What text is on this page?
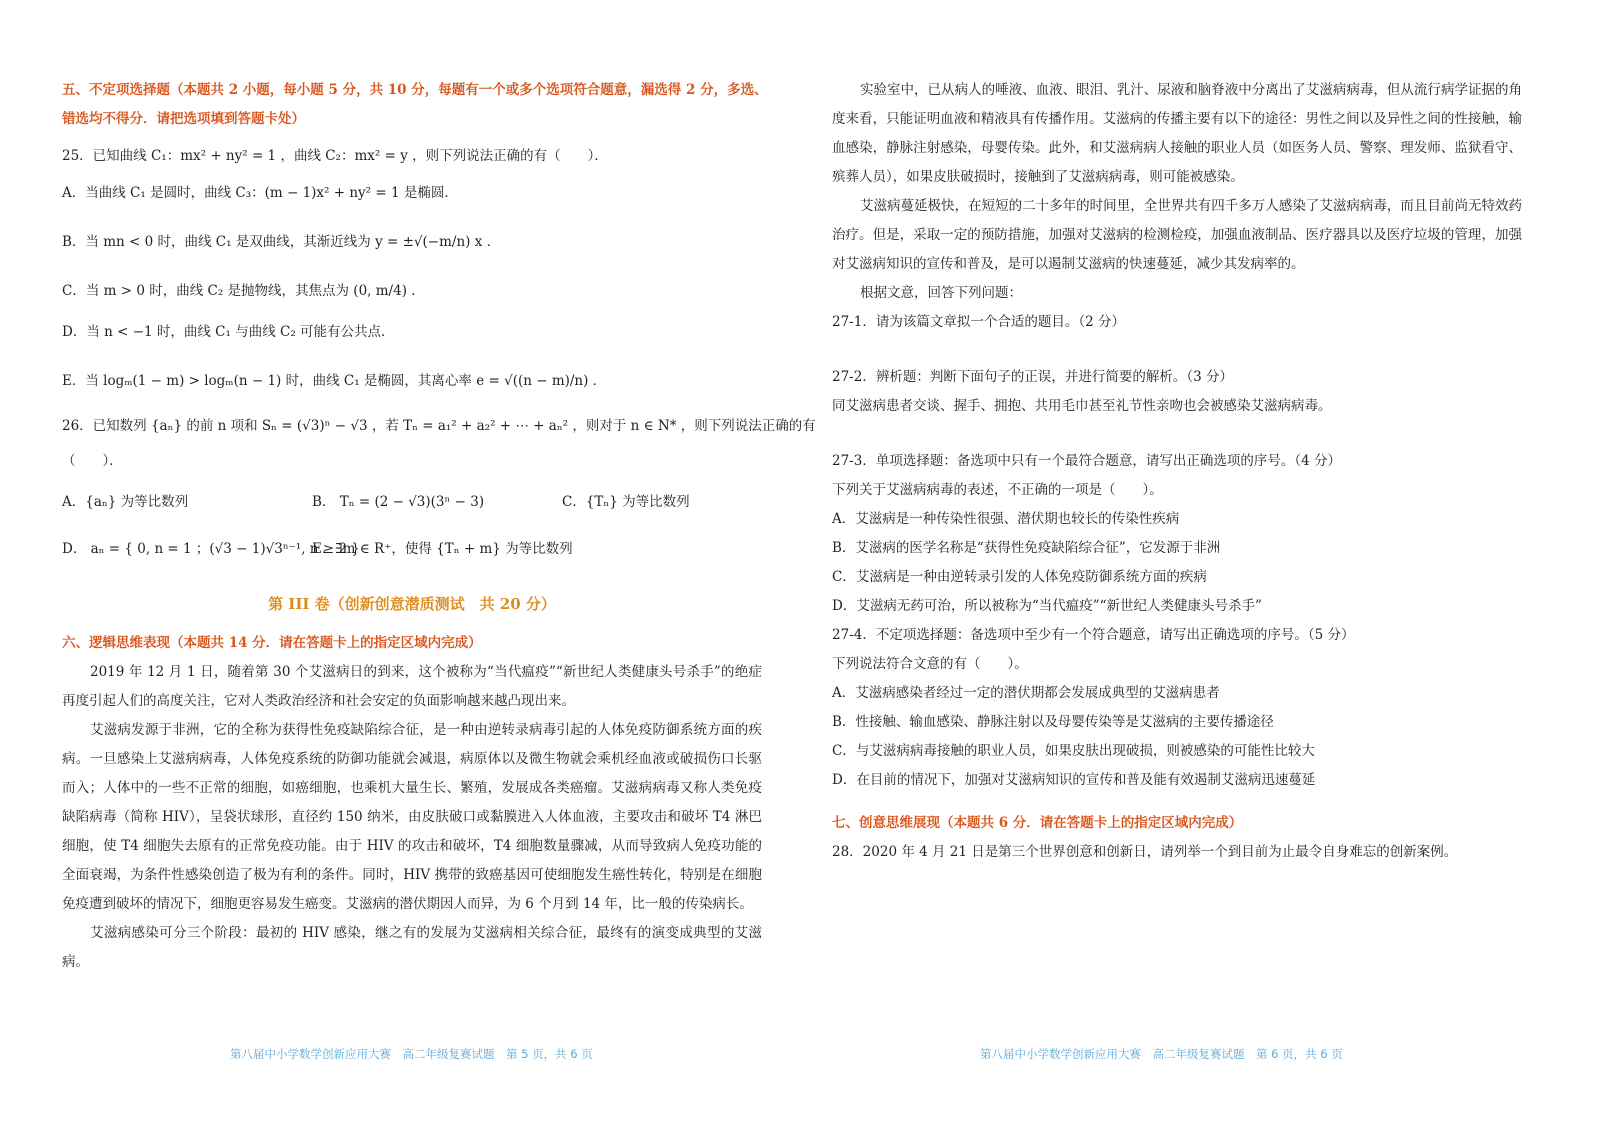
五、不定项选择题（本题共 2 小题，每小题 5 分，共 10 分，每题有一个或多个选项符合题意，漏选得 2 分，多选、
错选均不得分．请把选项填到答题卡处）
25．已知曲线 C₁：mx² + ny² = 1 ，曲线 C₂：mx² = y ，则下列说法正确的有（　　）．
A．当曲线 C₁ 是圆时，曲线 C₃：(m − 1)x² + ny² = 1 是椭圆．
B．当 mn < 0 时，曲线 C₁ 是双曲线，其渐近线为 y = ±√(−m/n) x ．
C．当 m > 0 时，曲线 C₂ 是抛物线，其焦点为 (0, m/4) ．
D．当 n < −1 时，曲线 C₁ 与曲线 C₂ 可能有公共点．
E．当 logₘ(1 − m) > logₘ(n − 1) 时，曲线 C₁ 是椭圆，其离心率 e = √((n − m)/n) ．
26．已知数列 {aₙ} 的前 n 项和 Sₙ = (√3)ⁿ − √3 ，若 Tₙ = a₁² + a₂² + ⋯ + aₙ² ，则对于 n ∈ N* ，则下列说法正确的有
（　　）．
A．{aₙ} 为等比数列	B． Tₙ = (2 − √3)(3ⁿ − 3)	C．{Tₙ} 为等比数列
D． aₙ = { 0, n = 1 ；(√3 − 1)√3ⁿ⁻¹, n ≥ 2 }
E．∃m ∈ R⁺，使得 {Tₙ + m} 为等比数列
第 III 卷（创新创意潜质测试　共 20 分）
六、逻辑思维表现（本题共 14 分．请在答题卡上的指定区域内完成）
2019 年 12 月 1 日，随着第 30 个艾滋病日的到来，这个被称为“当代瘟疫”“新世纪人类健康头号杀手”的绝症再度引起人们的高度关注，它对人类政治经济和社会安定的负面影响越来越凸现出来。
艾滋病发源于非洲，它的全称为获得性免疫缺陷综合征，是一种由逆转录病毒引起的人体免疫防御系统方面的疾病。一旦感染上艾滋病病毒，人体免疫系统的防御功能就会减退，病原体以及微生物就会乘机经血液或破损伤口长驱而入；人体中的一些不正常的细胞，如癌细胞，也乘机大量生长、繁殖，发展成各类癌瘤。艾滋病病毒又称人类免疫缺陷病毒（简称 HIV），呈袋状球形，直径约 150 纳米，由皮肤破口或黏膜进入人体血液，主要攻击和破坏 T4 淋巴细胞，使 T4 细胞失去原有的正常免疫功能。由于 HIV 的攻击和破坏，T4 细胞数量骤减，从而导致病人免疫功能的全面衰竭，为条件性感染创造了极为有利的条件。同时，HIV 携带的致癌基因可使细胞发生癌性转化，特别是在细胞免疫遭到破坏的情况下，细胞更容易发生癌变。艾滋病的潜伏期因人而异，为 6 个月到 14 年，比一般的传染病长。
艾滋病感染可分三个阶段：最初的 HIV 感染，继之有的发展为艾滋病相关综合征，最终有的演变成典型的艾滋病。
实验室中，已从病人的唾液、血液、眼泪、乳汁、尿液和脑脊液中分离出了艾滋病病毒，但从流行病学证据的角度来看，只能证明血液和精液具有传播作用。艾滋病的传播主要有以下的途径：男性之间以及异性之间的性接触，输血感染，静脉注射感染，母婴传染。此外，和艾滋病病人接触的职业人员（如医务人员、警察、理发师、监狱看守、殡葬人员），如果皮肤破损时，接触到了艾滋病病毒，则可能被感染。
艾滋病蔓延极快，在短短的二十多年的时间里，全世界共有四千多万人感染了艾滋病病毒，而且目前尚无特效药治疗。但是，采取一定的预防措施，加强对艾滋病的检测检疫，加强血液制品、医疗器具以及医疗垃圾的管理，加强对艾滋病知识的宣传和普及，是可以遏制艾滋病的快速蔓延，减少其发病率的。
根据文意，回答下列问题：
27-1．请为该篇文章拟一个合适的题目。（2 分）
27-2．辨析题：判断下面句子的正误，并进行简要的解析。（3 分）
同艾滋病患者交谈、握手、拥抱、共用毛巾甚至礼节性亲吻也会被感染艾滋病病毒。
27-3．单项选择题：备选项中只有一个最符合题意，请写出正确选项的序号。（4 分）
下列关于艾滋病病毒的表述，不正确的一项是（　　）。
A．艾滋病是一种传染性很强、潜伏期也较长的传染性疾病
B．艾滋病的医学名称是“获得性免疫缺陷综合征”，它发源于非洲
C．艾滋病是一种由逆转录引发的人体免疫防御系统方面的疾病
D．艾滋病无药可治，所以被称为“当代瘟疫”“新世纪人类健康头号杀手”
27-4．不定项选择题：备选项中至少有一个符合题意，请写出正确选项的序号。（5 分）
下列说法符合文意的有（　　）。
A．艾滋病感染者经过一定的潜伏期都会发展成典型的艾滋病患者
B．性接触、输血感染、静脉注射以及母婴传染等是艾滋病的主要传播途径
C．与艾滋病病毒接触的职业人员，如果皮肤出现破损，则被感染的可能性比较大
D．在目前的情况下，加强对艾滋病知识的宣传和普及能有效遏制艾滋病迅速蔓延
七、创意思维展现（本题共 6 分．请在答题卡上的指定区域内完成）
28．2020 年 4 月 21 日是第三个世界创意和创新日，请列举一个到目前为止最令自身难忘的创新案例。
第八届中小学数学创新应用大赛　高二年级复赛试题　第 5 页，共 6 页	第八届中小学数学创新应用大赛　高二年级复赛试题　第 6 页，共 6 页
